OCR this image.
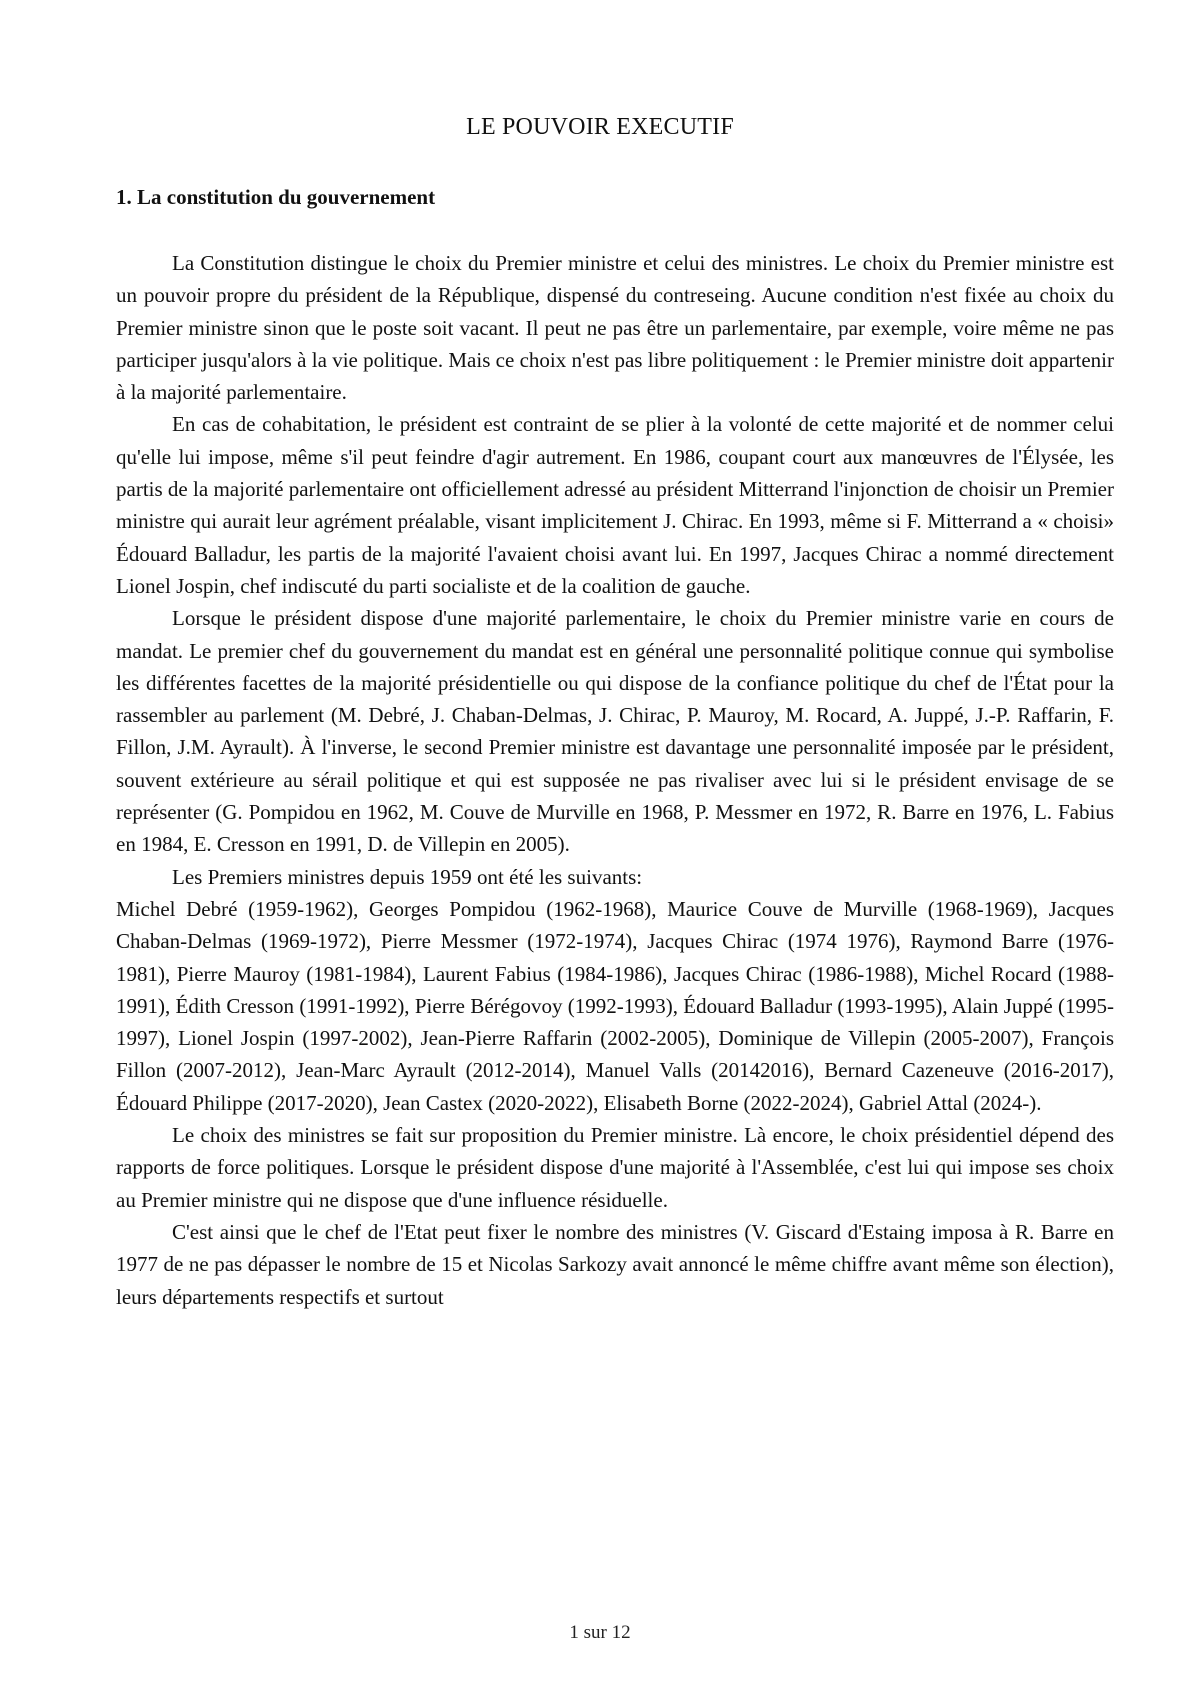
LE POUVOIR EXECUTIF
1. La constitution du gouvernement

La Constitution distingue le choix du Premier ministre et celui des ministres. Le choix du Premier ministre est un pouvoir propre du président de la République, dispensé du contreseing. Aucune condition n'est fixée au choix du Premier ministre sinon que le poste soit vacant. Il peut ne pas être un parlementaire, par exemple, voire même ne pas participer jusqu'alors à la vie politique. Mais ce choix n'est pas libre politiquement : le Premier ministre doit appartenir à la majorité parlementaire.

En cas de cohabitation, le président est contraint de se plier à la volonté de cette majorité et de nommer celui qu'elle lui impose, même s'il peut feindre d'agir autrement. En 1986, coupant court aux manœuvres de l'Élysée, les partis de la majorité parlementaire ont officiellement adressé au président Mitterrand l'injonction de choisir un Premier ministre qui aurait leur agrément préalable, visant implicitement J. Chirac. En 1993, même si F. Mitterrand a « choisi» Édouard Balladur, les partis de la majorité l'avaient choisi avant lui. En 1997, Jacques Chirac a nommé directement Lionel Jospin, chef indiscuté du parti socialiste et de la coalition de gauche.

Lorsque le président dispose d'une majorité parlementaire, le choix du Premier ministre varie en cours de mandat. Le premier chef du gouvernement du mandat est en général une personnalité politique connue qui symbolise les différentes facettes de la majorité présidentielle ou qui dispose de la confiance politique du chef de l'État pour la rassembler au parlement (M. Debré, J. Chaban-Delmas, J. Chirac, P. Mauroy, M. Rocard, A. Juppé, J.-P. Raffarin, F. Fillon, J.M. Ayrault). À l'inverse, le second Premier ministre est davantage une personnalité imposée par le président, souvent extérieure au sérail politique et qui est supposée ne pas rivaliser avec lui si le président envisage de se représenter (G. Pompidou en 1962, M. Couve de Murville en 1968, P. Messmer en 1972, R. Barre en 1976, L. Fabius en 1984, E. Cresson en 1991, D. de Villepin en 2005).

Les Premiers ministres depuis 1959 ont été les suivants:

Michel Debré (1959-1962), Georges Pompidou (1962-1968), Maurice Couve de Murville (1968-1969), Jacques Chaban-Delmas (1969-1972), Pierre Messmer (1972-1974), Jacques Chirac (1974 1976), Raymond Barre (1976-1981), Pierre Mauroy (1981-1984), Laurent Fabius (1984-1986), Jacques Chirac (1986-1988), Michel Rocard (1988-1991), Édith Cresson (1991-1992), Pierre Bérégovoy (1992-1993), Édouard Balladur (1993-1995), Alain Juppé (1995-1997), Lionel Jospin (1997-2002), Jean-Pierre Raffarin (2002-2005), Dominique de Villepin (2005-2007), François Fillon (2007-2012), Jean-Marc Ayrault (2012-2014), Manuel Valls (20142016), Bernard Cazeneuve (2016-2017), Édouard Philippe (2017-2020), Jean Castex (2020-2022), Elisabeth Borne (2022-2024), Gabriel Attal (2024-).

Le choix des ministres se fait sur proposition du Premier ministre. Là encore, le choix présidentiel dépend des rapports de force politiques. Lorsque le président dispose d'une majorité à l'Assemblée, c'est lui qui impose ses choix au Premier ministre qui ne dispose que d'une influence résiduelle.

C'est ainsi que le chef de l'Etat peut fixer le nombre des ministres (V. Giscard d'Estaing imposa à R. Barre en 1977 de ne pas dépasser le nombre de 15 et Nicolas Sarkozy avait annoncé le même chiffre avant même son élection), leurs départements respectifs et surtout

1 sur 12
